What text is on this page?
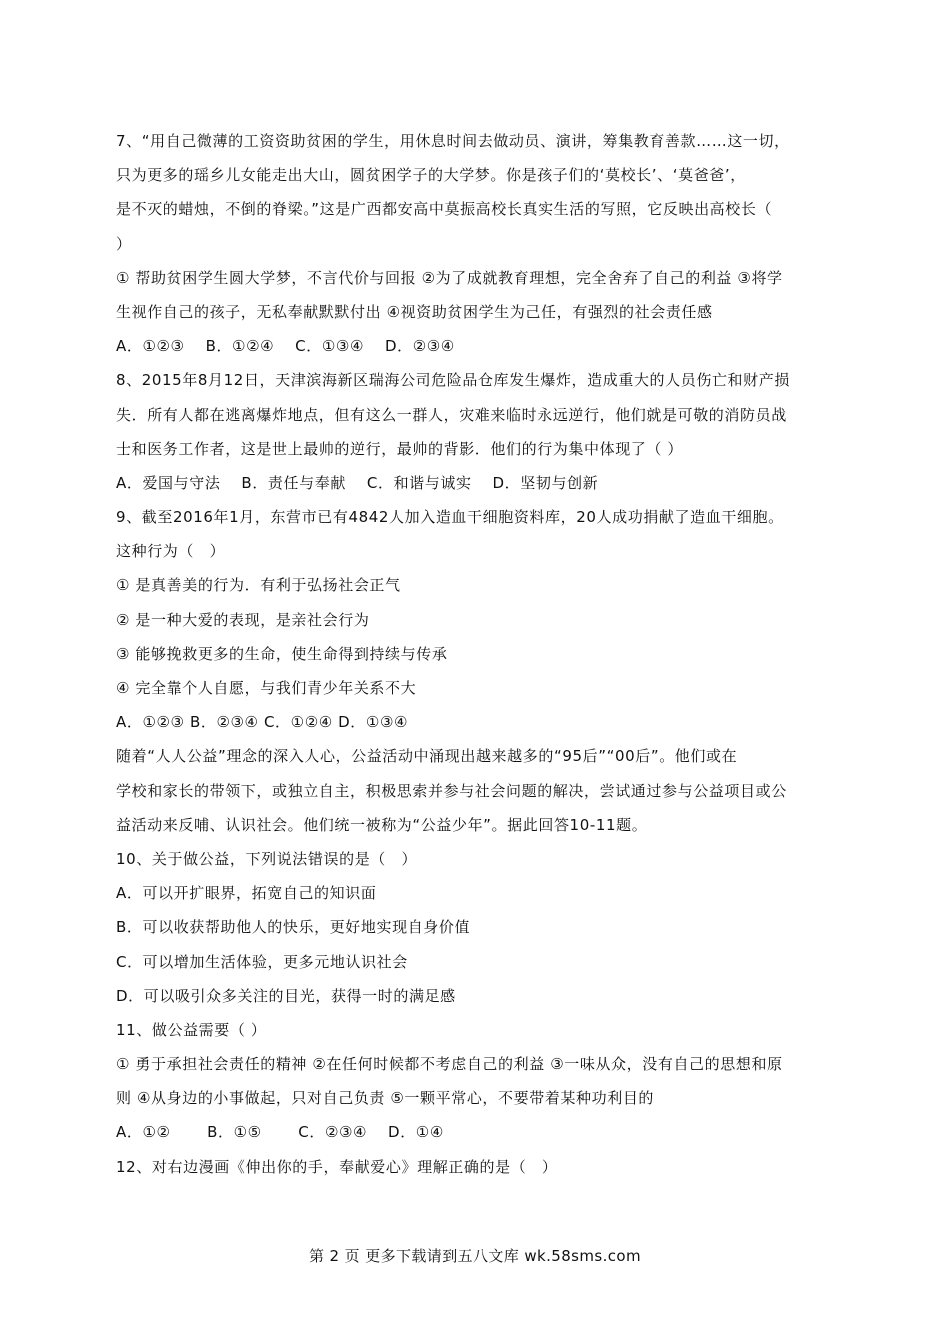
7、“用自己微薄的工资资助贫困的学生，用休息时间去做动员、演讲，筹集教育善款……这一切，
只为更多的瑶乡儿女能走出大山，圆贫困学子的大学梦。你是孩子们的‘莫校长’、‘莫爸爸’，
是不灭的蜡烛，不倒的脊梁。”这是广西都安高中莫振高校长真实生活的写照，它反映出高校长（
）
① 帮助贫困学生圆大学梦，不言代价与回报 ②为了成就教育理想，完全舍弃了自己的利益 ③将学
生视作自己的孩子，无私奉献默默付出 ④视资助贫困学生为己任，有强烈的社会责任感
A．①②③　 B．①②④　 C．①③④　 D．②③④
8、2015年8月12日，天津滨海新区瑞海公司危险品仓库发生爆炸，造成重大的人员伤亡和财产损
失．所有人都在逃离爆炸地点，但有这么一群人，灾难来临时永远逆行，他们就是可敬的消防员战
士和医务工作者，这是世上最帅的逆行，最帅的背影．他们的行为集中体现了（ ）
A．爱国与守法　 B．责任与奉献　 C．和谐与诚实　 D．坚韧与创新
9、截至2016年1月，东营市已有4842人加入造血干细胞资料库，20人成功捐献了造血干细胞。
这种行为（　）
① 是真善美的行为．有利于弘扬社会正气
② 是一种大爱的表现，是亲社会行为
③ 能够挽救更多的生命，使生命得到持续与传承
④ 完全靠个人自愿，与我们青少年关系不大
A．①②③ B．②③④ C．①②④ D．①③④
随着“人人公益”理念的深入人心，公益活动中涌现出越来越多的“95后”“00后”。他们或在
学校和家长的带领下，或独立自主，积极思索并参与社会问题的解决，尝试通过参与公益项目或公
益活动来反哺、认识社会。他们统一被称为“公益少年”。据此回答10-11题。
10、关于做公益，下列说法错误的是（　）
A．可以开扩眼界，拓宽自己的知识面
B．可以收获帮助他人的快乐，更好地实现自身价值
C．可以增加生活体验，更多元地认识社会
D．可以吸引众多关注的目光，获得一时的满足感
11、做公益需要（ ）
① 勇于承担社会责任的精神 ②在任何时候都不考虑自己的利益 ③一味从众，没有自己的思想和原
则 ④从身边的小事做起，只对自己负责 ⑤一颗平常心，不要带着某种功利目的
A．①②　　 B．①⑤　　 C．②③④　 D．①④
12、对右边漫画《伸出你的手，奉献爱心》理解正确的是（　）
第 2 页 更多下载请到五八文库 wk.58sms.com
